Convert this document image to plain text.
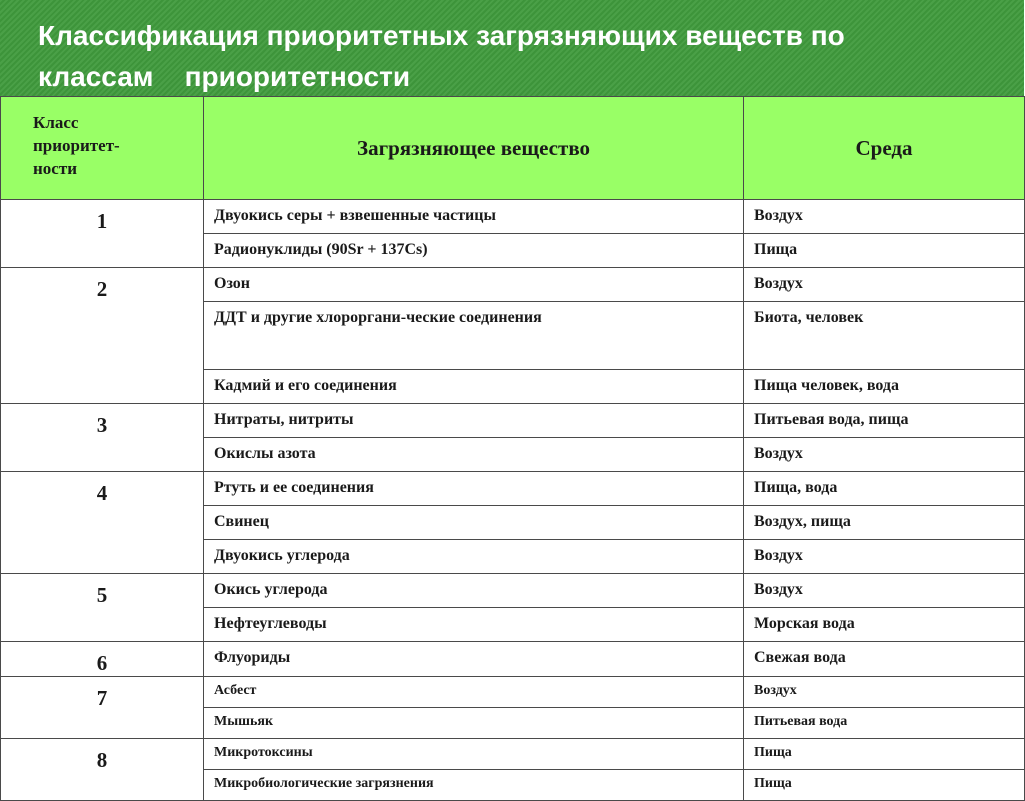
Классификация приоритетных загрязняющих веществ по
классам    приоритетности
Класс
приоритет-
ности	Загрязняющее вещество	Среда
1	Двуокись серы + взвешенные частицы	Воздух
	Радионуклиды (90Sr + 137Cs)	Пища
2	Озон	Воздух
	ДДТ и другие хлороргани-ческие соединения	Биота, человек
	Кадмий и его соединения	Пища человек, вода
3	Нитраты, нитриты	Питьевая вода, пища
	Окислы азота	Воздух
4	Ртуть и ее соединения	Пища, вода
	Свинец	Воздух, пища
	Двуокись углерода	Воздух
5	Окись углерода	Воздух
	Нефтеуглеводы	Морская вода
6	Флуориды	Свежая вода
7	Асбест	Воздух
	Мышьяк	Питьевая вода
8	Микротоксины	Пища
	Микробиологические загрязнения	Пища
